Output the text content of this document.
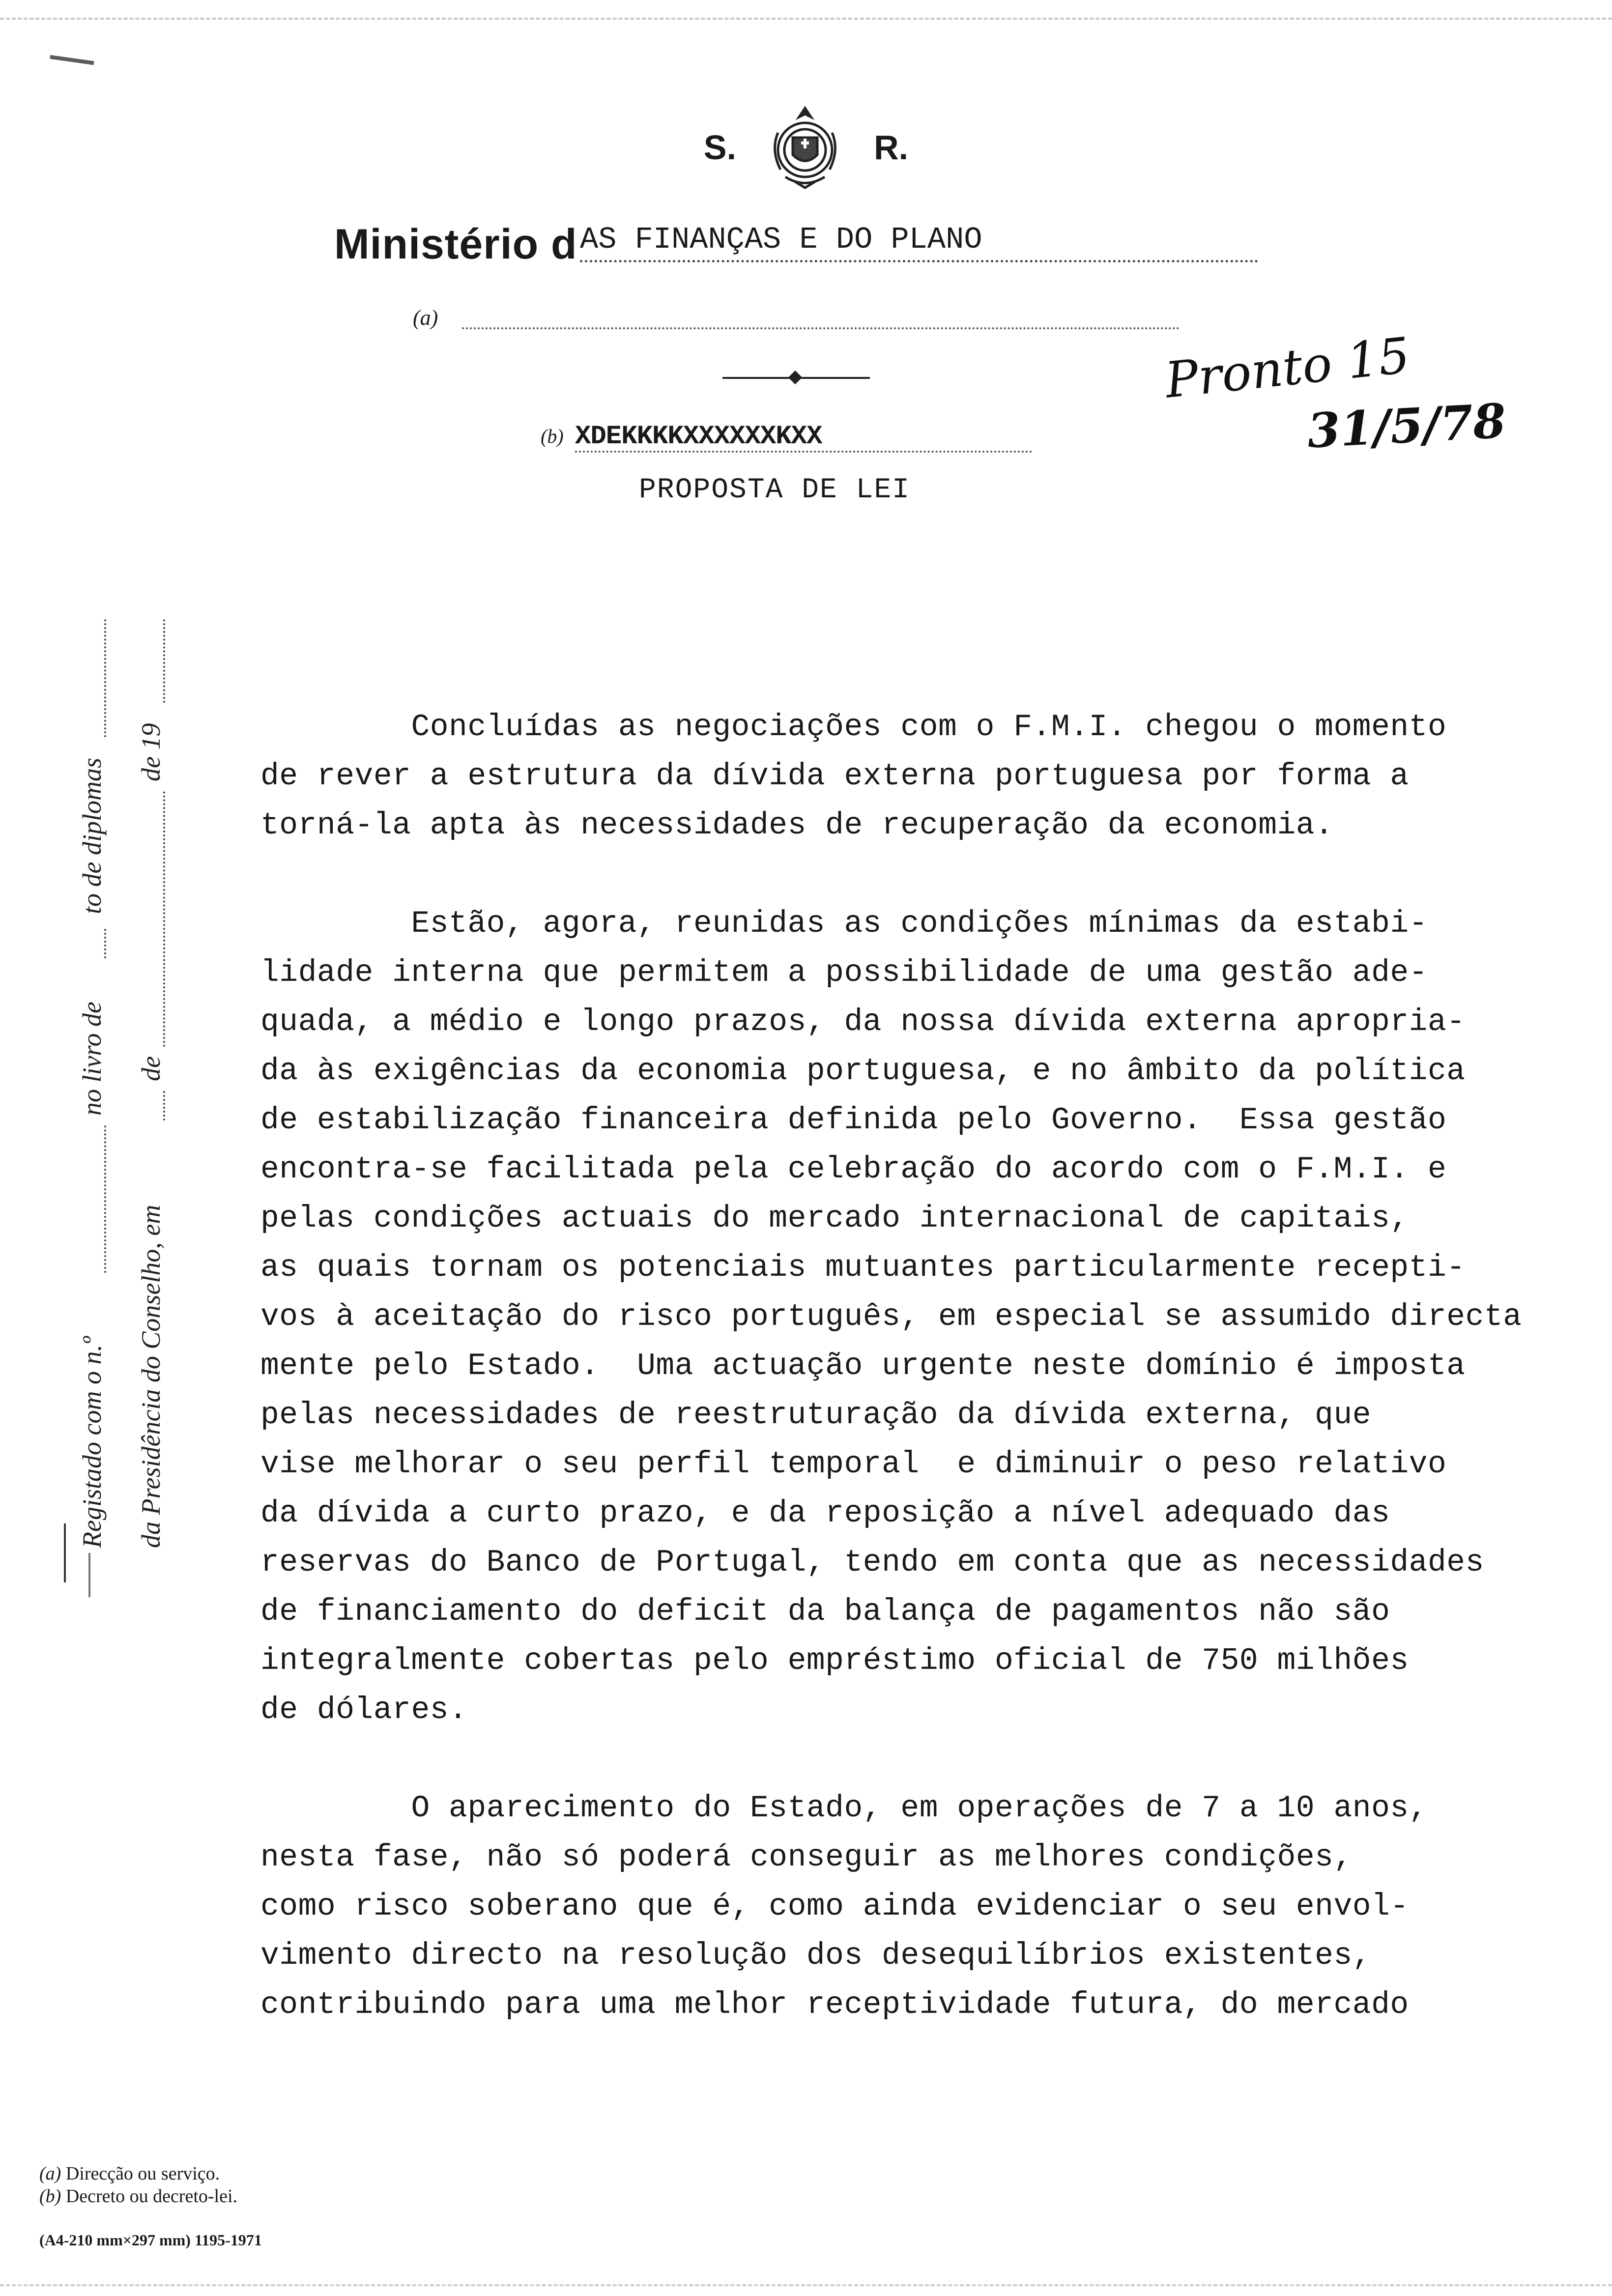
S.	R.
Ministério d AS FINANÇAS E DO PLANO
(a)
(b) XDEKKKKXXXXXXKXX
PROPOSTA DE LEI
Pronto 15
31/5/78
Registado com o n.º
no livro de
to de diplomas
da Presidência do Conselho, em
de
de 19	Concluídas as negociações com o F.M.I. chegou o momento
de rever a estrutura da dívida externa portuguesa por forma a
torná-la apta às necessidades de recuperação da economia.
Estão, agora, reunidas as condições mínimas da estabi-
lidade interna que permitem a possibilidade de uma gestão ade-
quada, a médio e longo prazos, da nossa dívida externa apropria-
da às exigências da economia portuguesa, e no âmbito da política
de estabilização financeira definida pelo Governo.  Essa gestão
encontra-se facilitada pela celebração do acordo com o F.M.I. e
pelas condições actuais do mercado internacional de capitais,
as quais tornam os potenciais mutuantes particularmente recepti-
vos à aceitação do risco português, em especial se assumido directa
mente pelo Estado.  Uma actuação urgente neste domínio é imposta
pelas necessidades de reestruturação da dívida externa, que
vise melhorar o seu perfil temporal  e diminuir o peso relativo
da dívida a curto prazo, e da reposição a nível adequado das
reservas do Banco de Portugal, tendo em conta que as necessidades
de financiamento do deficit da balança de pagamentos não são
integralmente cobertas pelo empréstimo oficial de 750 milhões
de dólares.
O aparecimento do Estado, em operações de 7 a 10 anos,
nesta fase, não só poderá conseguir as melhores condições,
como risco soberano que é, como ainda evidenciar o seu envol-
vimento directo na resolução dos desequilíbrios existentes,
contribuindo para uma melhor receptividade futura, do mercado
(a) Direcção ou serviço.
(b) Decreto ou decreto-lei.
(A4-210 mm×297 mm) 1195-1971
